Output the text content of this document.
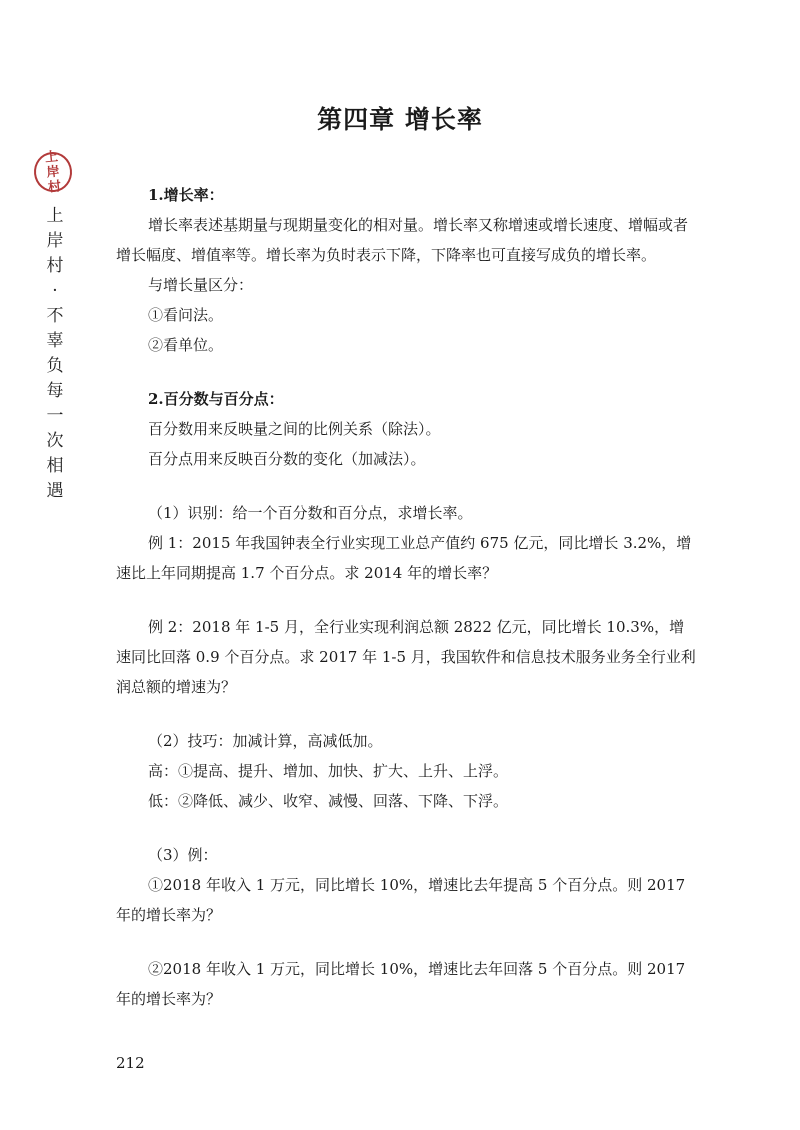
第四章 增长率
上岸村
上岸村·不辜负每一次相遇

1.增长率：

增长率表述基期量与现期量变化的相对量。增长率又称增速或增长速度、增幅或者增长幅度、增值率等。增长率为负时表示下降，下降率也可直接写成负的增长率。

与增长量区分：

①看问法。

②看单位。

2.百分数与百分点：

百分数用来反映量之间的比例关系（除法）。

百分点用来反映百分数的变化（加减法）。

（1）识别：给一个百分数和百分点，求增长率。

例 1：2015 年我国钟表全行业实现工业总产值约 675 亿元，同比增长 3.2%，增速比上年同期提高 1.7 个百分点。求 2014 年的增长率？

例 2：2018 年 1-5 月，全行业实现利润总额 2822 亿元，同比增长 10.3%，增速同比回落 0.9 个百分点。求 2017 年 1-5 月，我国软件和信息技术服务业务全行业利润总额的增速为？

（2）技巧：加减计算，高减低加。

高：①提高、提升、增加、加快、扩大、上升、上浮。

低：②降低、减少、收窄、减慢、回落、下降、下浮。

（3）例：

①2018 年收入 1 万元，同比增长 10%，增速比去年提高 5 个百分点。则 2017 年的增长率为？

②2018 年收入 1 万元，同比增长 10%，增速比去年回落 5 个百分点。则 2017 年的增长率为？

212
